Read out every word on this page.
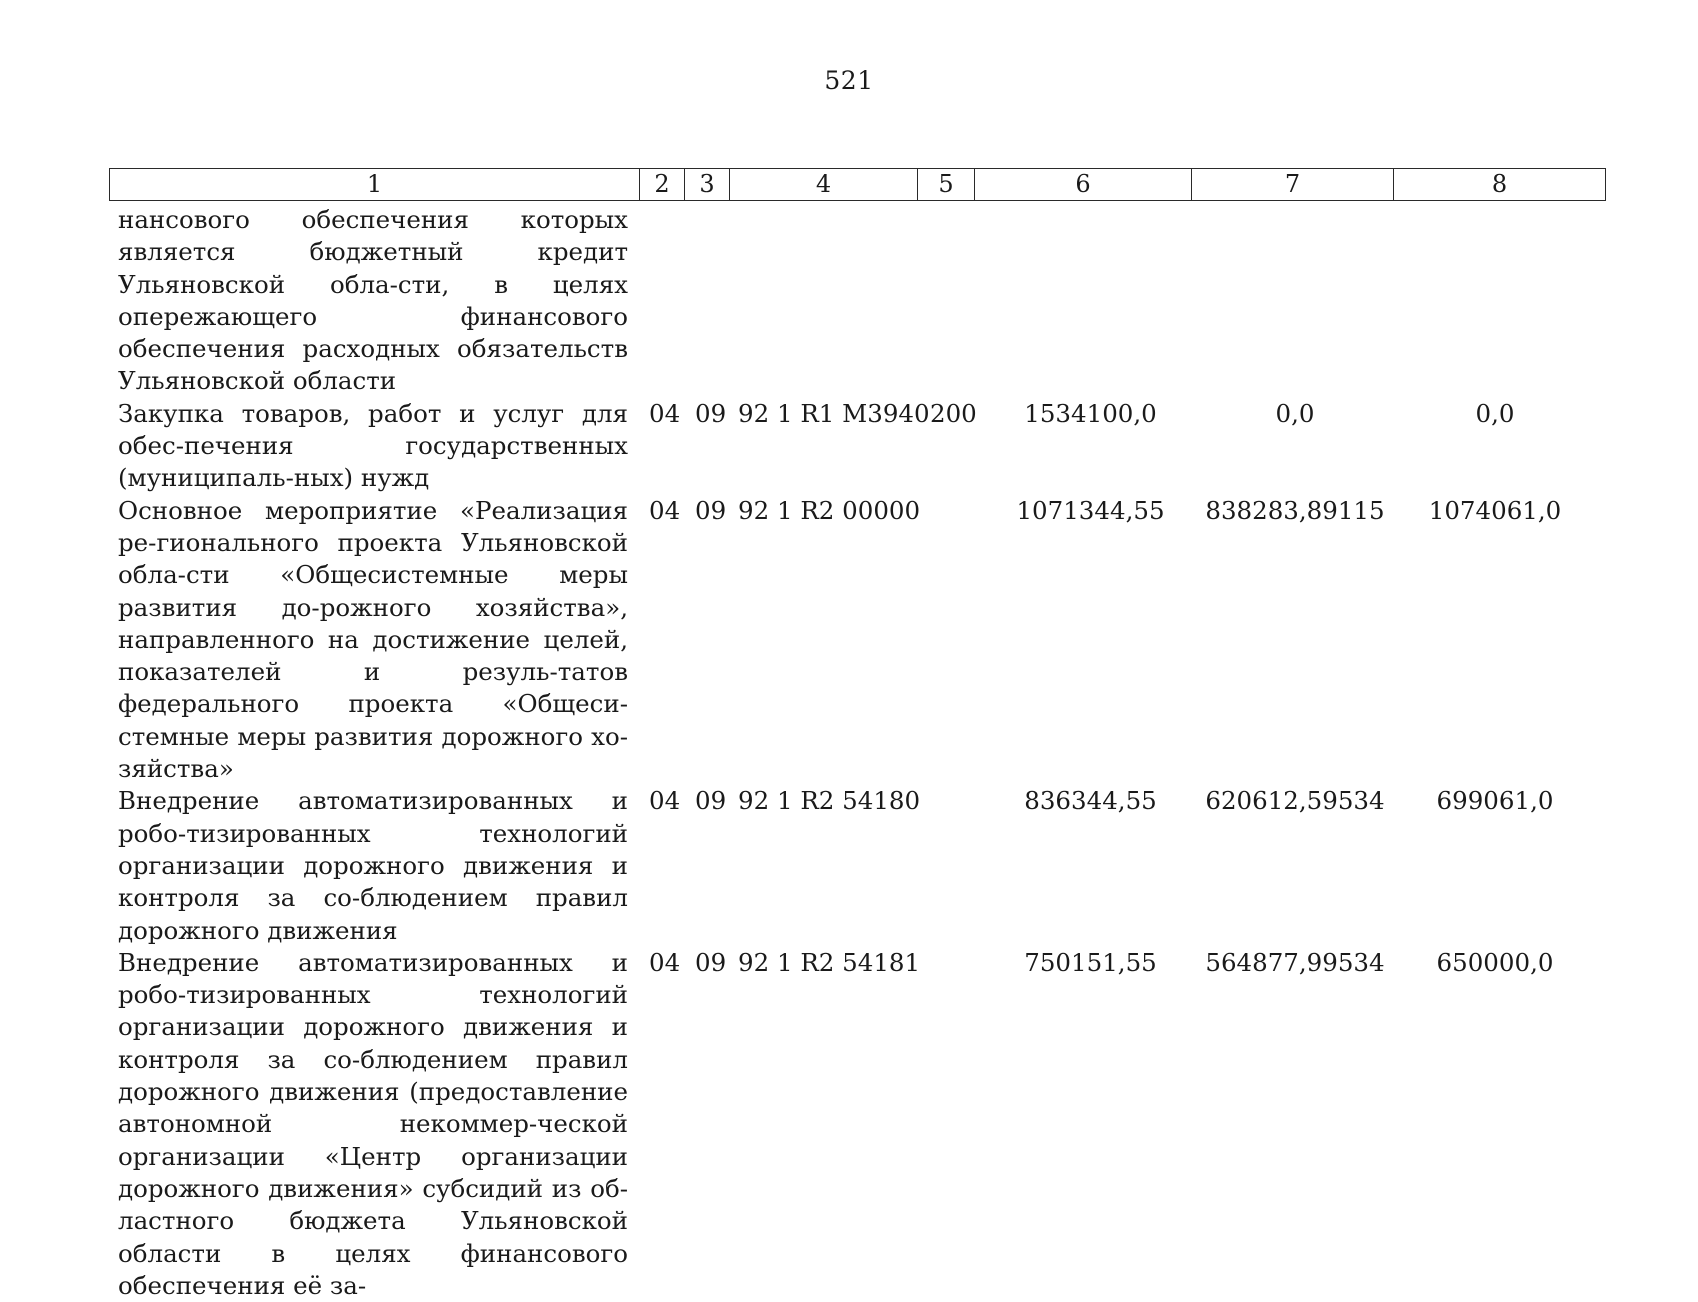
521
1	2	3	4	5	6	7	8
нансового обеспечения которых является бюджетный кредит Ульяновской обла-сти, в целях опережающего финансового обеспечения расходных обязательств Ульяновской области
Закупка товаров, работ и услуг для обес-печения государственных (муниципаль-ных) нужд
04 09 92 1 R1 M3940 200	1534100,0	0,0	0,0
Основное мероприятие «Реализация ре-гионального проекта Ульяновской обла-сти «Общесистемные меры развития до-рожного хозяйства», направленного на достижение целей, показателей и резуль-татов федерального проекта «Общеси-стемные меры развития дорожного хо-зяйства»
04 09 92 1 R2 00000	1071344,55	838283,89115	1074061,0
Внедрение автоматизированных и робо-тизированных технологий организации дорожного движения и контроля за со-блюдением правил дорожного движения
04 09 92 1 R2 54180	836344,55	620612,59534	699061,0
Внедрение автоматизированных и робо-тизированных технологий организации дорожного движения и контроля за со-блюдением правил дорожного движения (предоставление автономной некоммер-ческой организации «Центр организации дорожного движения» субсидий из об-ластного бюджета Ульяновской области в целях финансового обеспечения её за-
04 09 92 1 R2 54181	750151,55	564877,99534	650000,0
